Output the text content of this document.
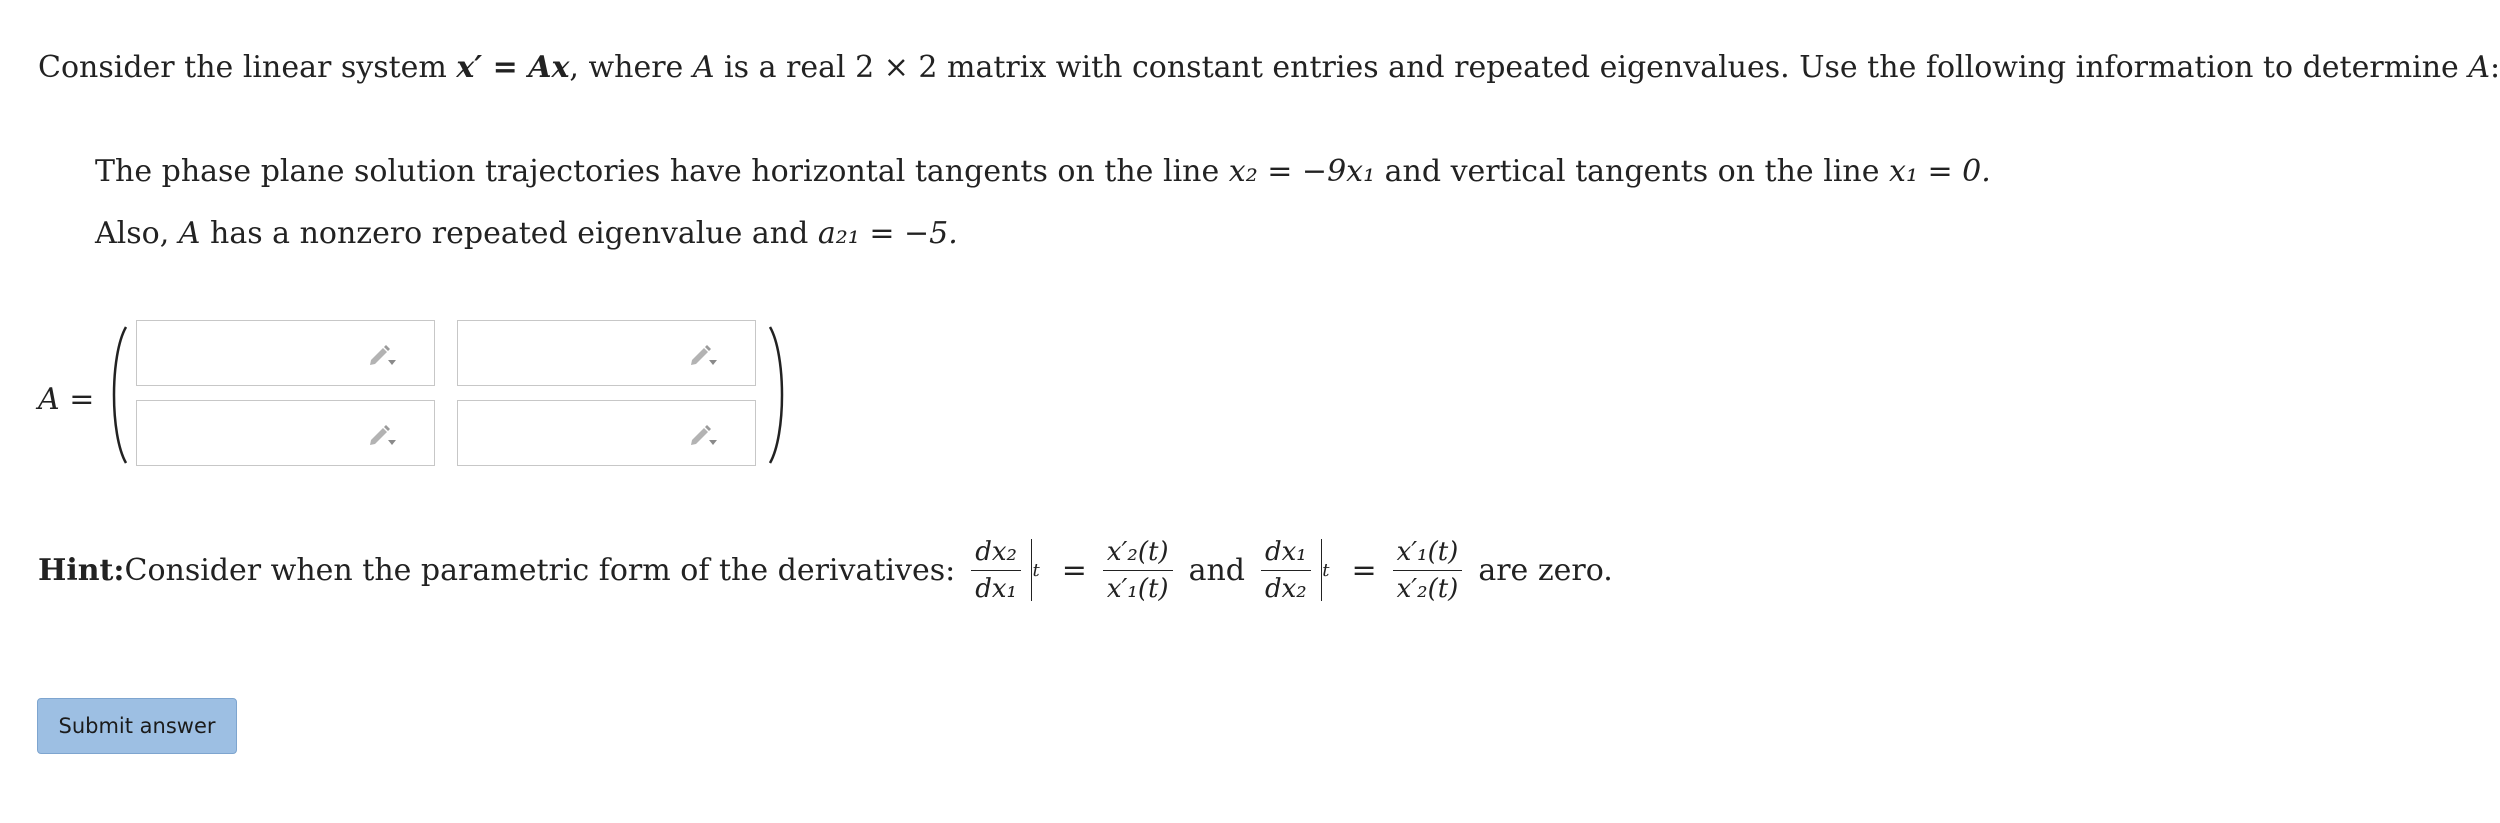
Consider the linear system x′ = Ax, where A is a real 2 × 2 matrix with constant entries and repeated eigenvalues. Use the following information to determine A:
The phase plane solution trajectories have horizontal tangents on the line x₂ = −9x₁ and vertical tangents on the line x₁ = 0.
Also, A has a nonzero repeated eigenvalue and a₂₁ = −5.
A =
Hint: Consider when the parametric form of the derivatives: $\frac{\text{dx₂}}{\text{dx₁}}$ $t = \frac{\text{x′₂(t)}}{\text{x′₁(t)}}$ and $\frac{\text{dx₁}}{\text{dx₂}}$ $t = \frac{\text{x′₁(t)}}{\text{x′₂(t)}}$ are zero.
Submit answer
